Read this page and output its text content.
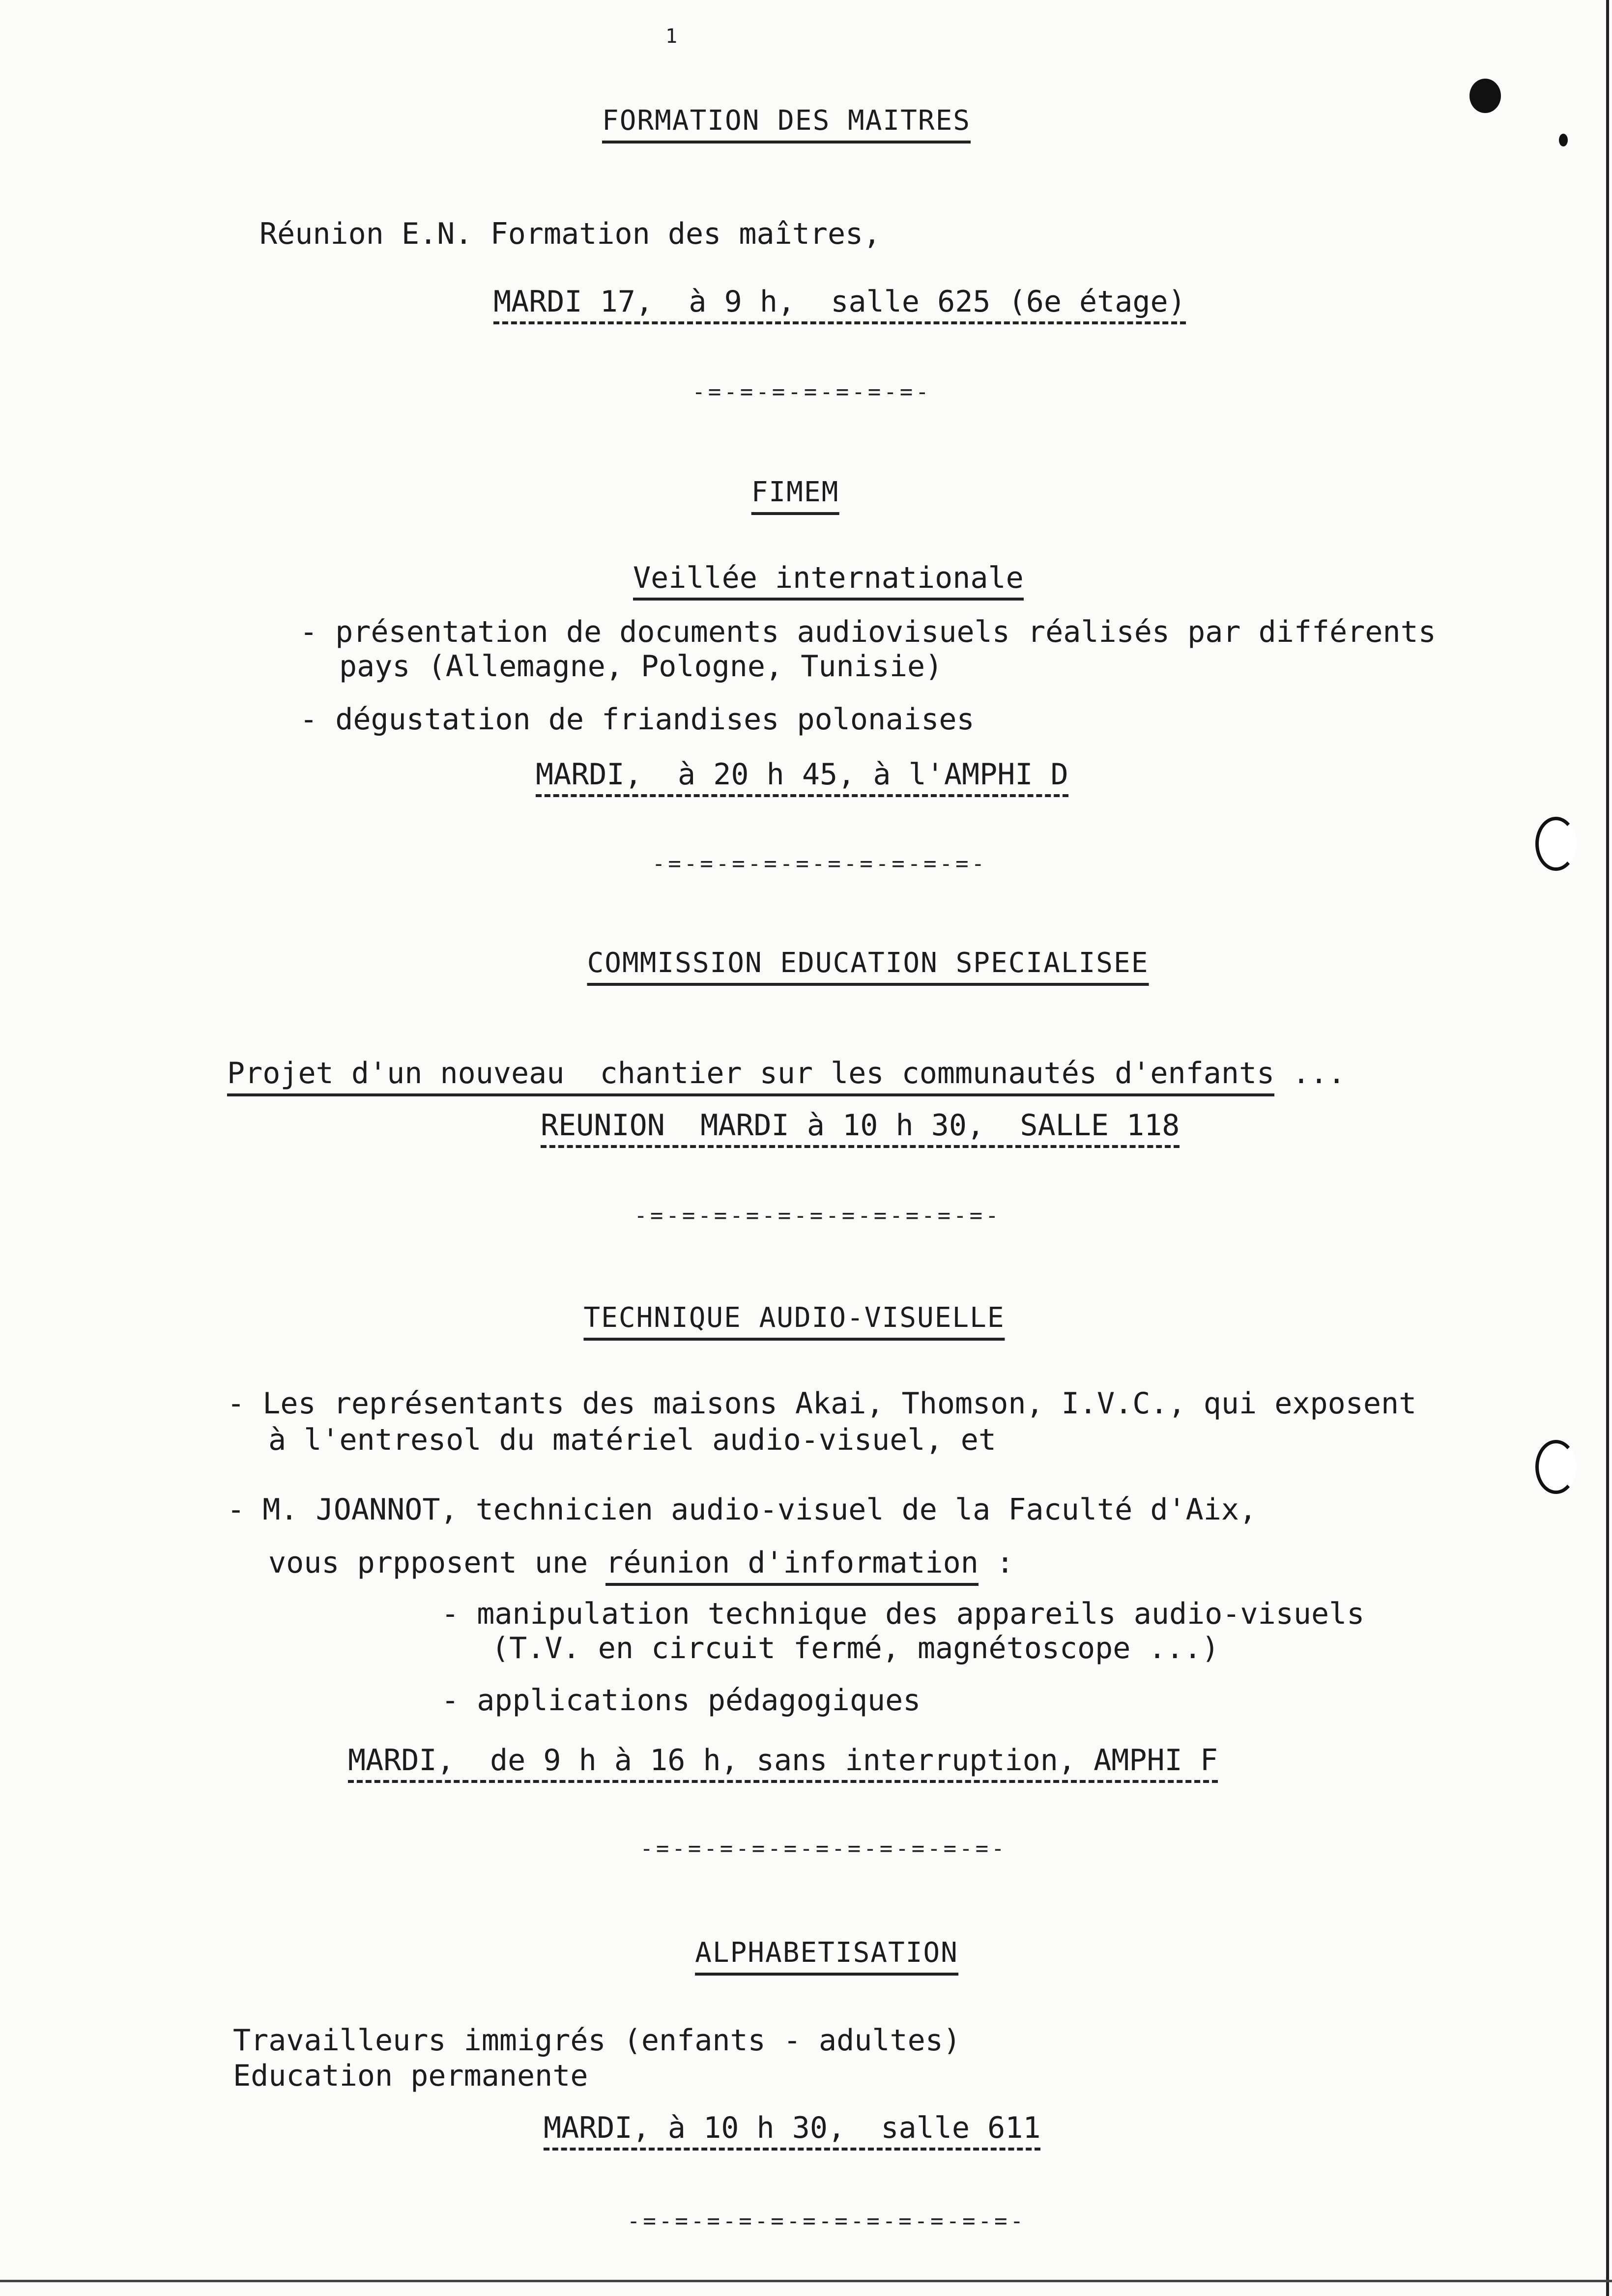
1

FORMATION DES MAITRES

Réunion E.N. Formation des maîtres,

MARDI 17,  à 9 h,  salle 625 (6e étage)

-=-=-=-=-=-=-=-

FIMEM

Veillée internationale

- présentation de documents audiovisuels réalisés par différents

pays (Allemagne, Pologne, Tunisie)

- dégustation de friandises polonaises

MARDI,  à 20 h 45, à l'AMPHI D

-=-=-=-=-=-=-=-=-=-=-

COMMISSION EDUCATION SPECIALISEE

Projet d'un nouveau  chantier sur les communautés d'enfants ...

REUNION  MARDI à 10 h 30,  SALLE 118

-=-=-=-=-=-=-=-=-=-=-=-

TECHNIQUE AUDIO-VISUELLE

- Les représentants des maisons Akai, Thomson, I.V.C., qui exposent

à l'entresol du matériel audio-visuel, et

- M. JOANNOT, technicien audio-visuel de la Faculté d'Aix,

vous prpposent une réunion d'information :

- manipulation technique des appareils audio-visuels

(T.V. en circuit fermé, magnétoscope ...)

- applications pédagogiques

MARDI,  de 9 h à 16 h, sans interruption, AMPHI F

-=-=-=-=-=-=-=-=-=-=-=-

ALPHABETISATION

Travailleurs immigrés (enfants - adultes)

Education permanente

MARDI, à 10 h 30,  salle 611

-=-=-=-=-=-=-=-=-=-=-=-=-
